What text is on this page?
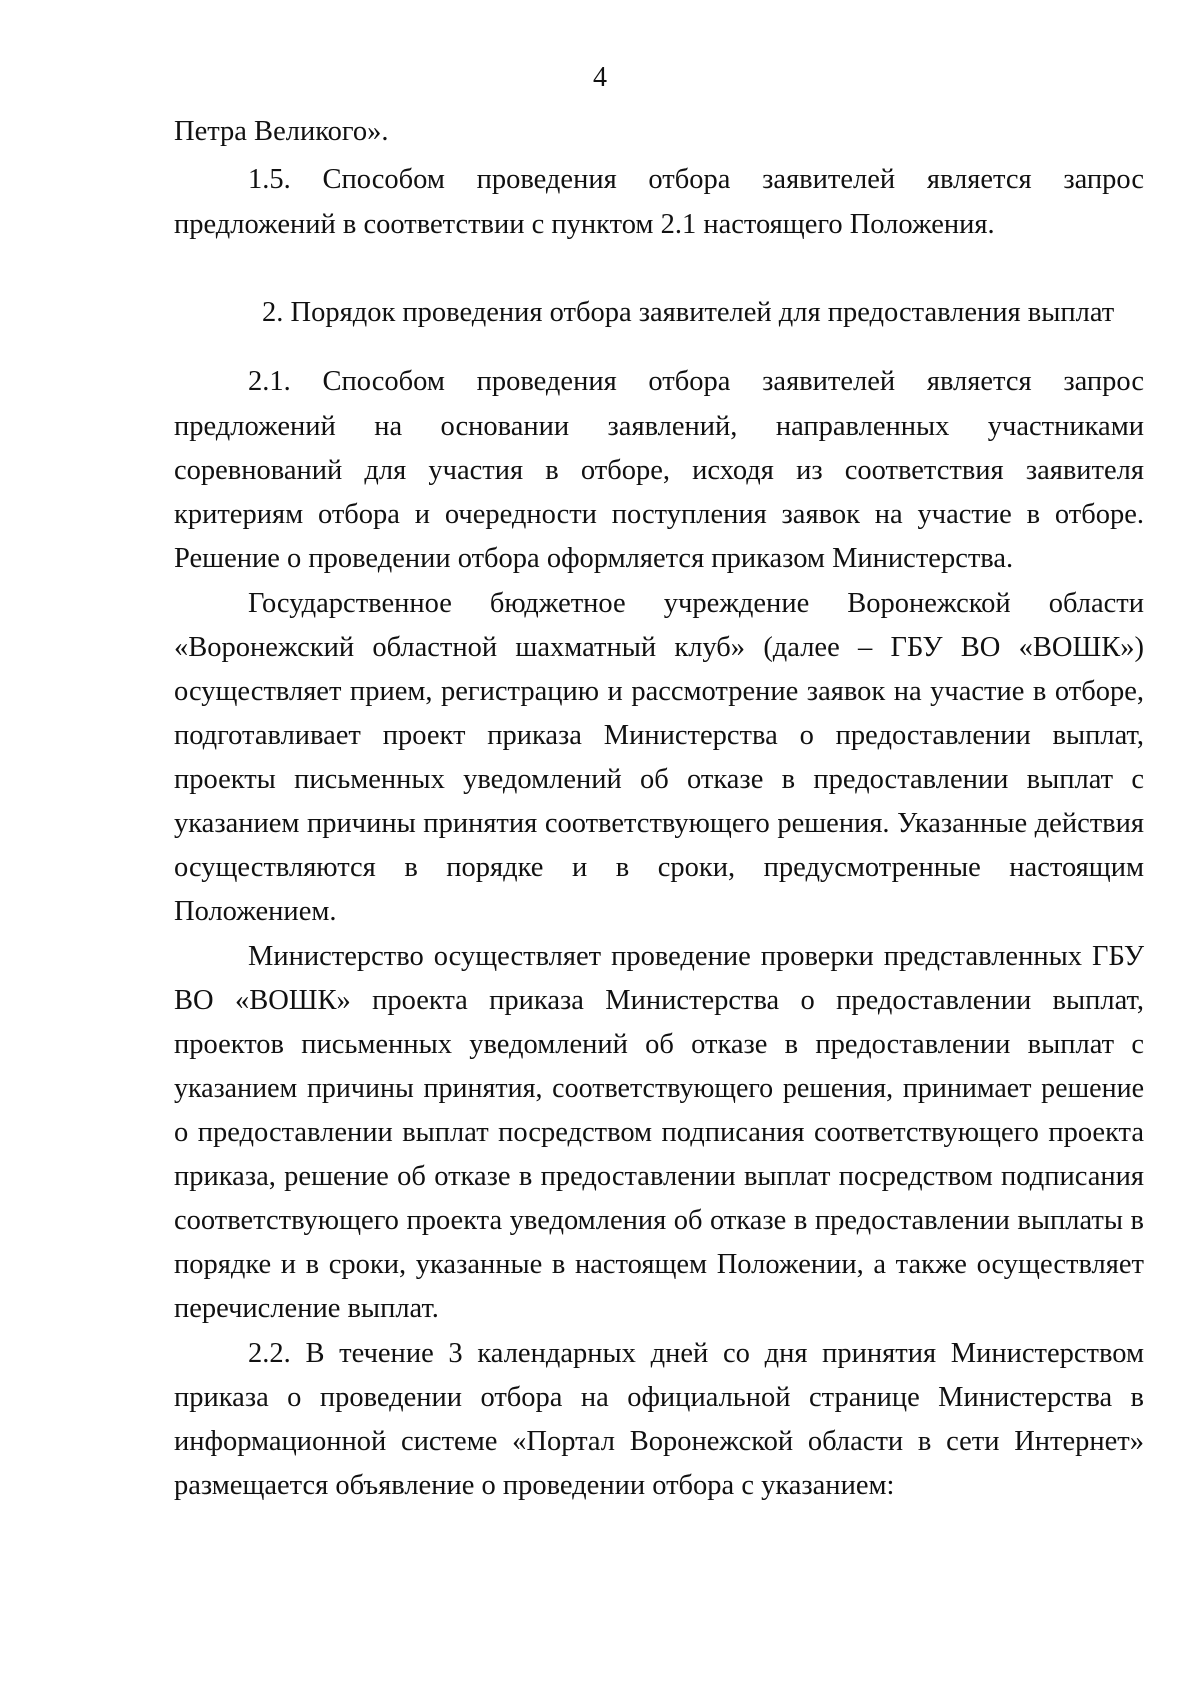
4
Петра Великого».
1.5. Способом проведения отбора заявителей является запрос
предложений в соответствии с пунктом 2.1 настоящего Положения.
2. Порядок проведения отбора заявителей для предоставления выплат
2.1. Способом проведения отбора заявителей является запрос
предложений на основании заявлений, направленных участниками
соревнований для участия в отборе, исходя из соответствия заявителя
критериям отбора и очередности поступления заявок на участие в отборе.
Решение о проведении отбора оформляется приказом Министерства.
Государственное бюджетное учреждение Воронежской области
«Воронежский областной шахматный клуб» (далее – ГБУ ВО «ВОШК»)
осуществляет прием, регистрацию и рассмотрение заявок на участие в отборе,
подготавливает проект приказа Министерства о предоставлении выплат,
проекты письменных уведомлений об отказе в предоставлении выплат с
указанием причины принятия соответствующего решения. Указанные действия
осуществляются в порядке и в сроки, предусмотренные настоящим
Положением.
Министерство осуществляет проведение проверки представленных ГБУ
ВО «ВОШК» проекта приказа Министерства о предоставлении выплат,
проектов письменных уведомлений об отказе в предоставлении выплат с
указанием причины принятия, соответствующего решения, принимает решение
о предоставлении выплат посредством подписания соответствующего проекта
приказа, решение об отказе в предоставлении выплат посредством подписания
соответствующего проекта уведомления об отказе в предоставлении выплаты в
порядке и в сроки, указанные в настоящем Положении, а также осуществляет
перечисление выплат.
2.2. В течение 3 календарных дней со дня принятия Министерством
приказа о проведении отбора на официальной странице Министерства в
информационной системе «Портал Воронежской области в сети Интернет»
размещается объявление о проведении отбора с указанием:
